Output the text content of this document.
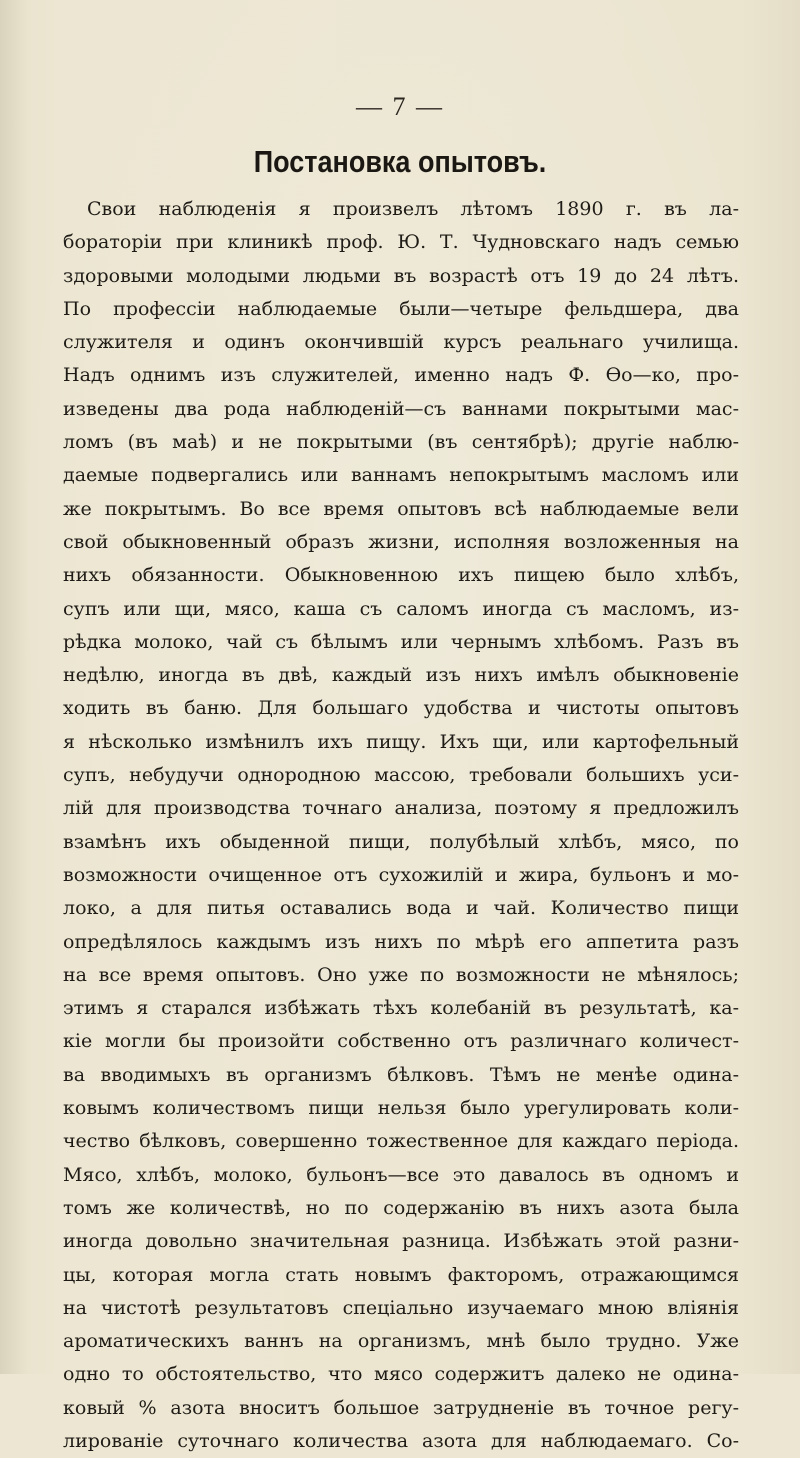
— 7 —
Постановка опытовъ.
Свои наблюденія я произвелъ лѣтомъ 1890 г. въ ла-
бораторіи при клиникѣ проф. Ю. Т. Чудновскаго надъ семью
здоровыми молодыми людьми въ возрастѣ отъ 19 до 24 лѣтъ.
По профессіи наблюдаемые были—четыре фельдшера, два
служителя и одинъ окончившій курсъ реальнаго училища.
Надъ однимъ изъ служителей, именно надъ Ф. Ѳо—ко, про-
изведены два рода наблюденій—съ ваннами покрытыми мас-
ломъ (въ маѣ) и не покрытыми (въ сентябрѣ); другіе наблю-
даемые подвергались или ваннамъ непокрытымъ масломъ или
же покрытымъ. Во все время опытовъ всѣ наблюдаемые вели
свой обыкновенный образъ жизни, исполняя возложенныя на
нихъ обязанности. Обыкновенною ихъ пищею было хлѣбъ,
супъ или щи, мясо, каша съ саломъ иногда съ масломъ, из-
рѣдка молоко, чай съ бѣлымъ или чернымъ хлѣбомъ. Разъ въ
недѣлю, иногда въ двѣ, каждый изъ нихъ имѣлъ обыкновеніе
ходить въ баню. Для большаго удобства и чистоты опытовъ
я нѣсколько измѣнилъ ихъ пищу. Ихъ щи, или картофельный
супъ, небудучи однородною массою, требовали большихъ уси-
лій для производства точнаго анализа, поэтому я предложилъ
взамѣнъ ихъ обыденной пищи, полубѣлый хлѣбъ, мясо, по
возможности очищенное отъ сухожилій и жира, бульонъ и мо-
локо, а для питья оставались вода и чай. Количество пищи
опредѣлялось каждымъ изъ нихъ по мѣрѣ его аппетита разъ
на все время опытовъ. Оно уже по возможности не мѣнялось;
этимъ я старался избѣжать тѣхъ колебаній въ результатѣ, ка-
кіе могли бы произойти собственно отъ различнаго количест-
ва вводимыхъ въ организмъ бѣлковъ. Тѣмъ не менѣе одина-
ковымъ количествомъ пищи нельзя было урегулировать коли-
чество бѣлковъ, совершенно тожественное для каждаго періода.
Мясо, хлѣбъ, молоко, бульонъ—все это давалось въ одномъ и
томъ же количествѣ, но по содержанію въ нихъ азота была
иногда довольно значительная разница. Избѣжать этой разни-
цы, которая могла стать новымъ факторомъ, отражающимся
на чистотѣ результатовъ спеціально изучаемаго мною вліянія
ароматическихъ ваннъ на организмъ, мнѣ было трудно. Уже
одно то обстоятельство, что мясо содержитъ далеко не одина-
ковый % азота вноситъ большое затрудненіе въ точное регу-
лированіе суточнаго количества азота для наблюдаемаго. Со-
